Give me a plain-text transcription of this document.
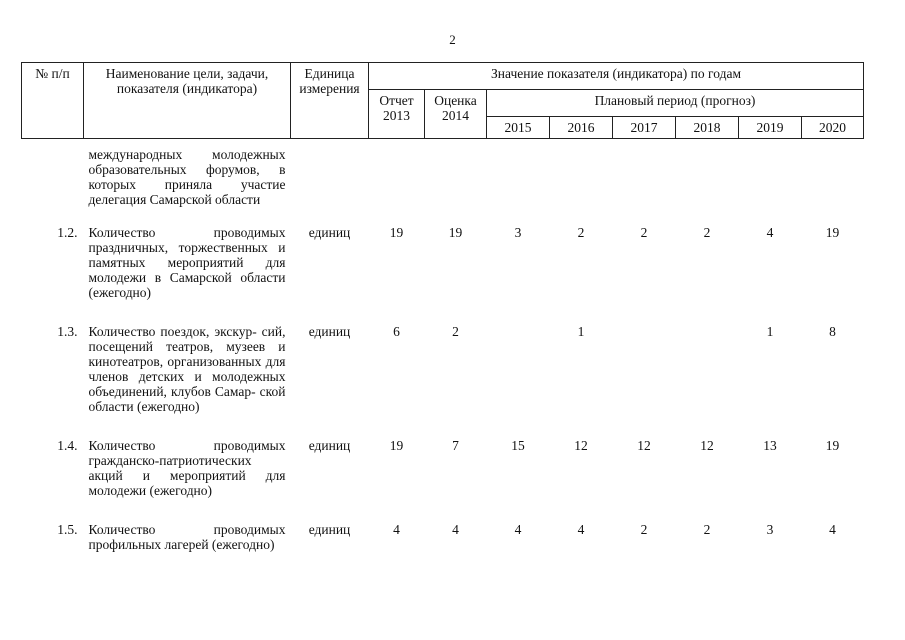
2
№ п/п	Наименование цели, задачи, показателя (индикатора)	Единица измерения	Значение показателя (индикатора) по годам							
			Отчет 2013	Оценка 2014	Плановый период (прогноз)					
					2015	2016	2017	2018	2019	2020
	международных молодежных образовательных форумов, в которых приняла участие делегация Самарской области									
1.2.	Количество проводимых праздничных, торжественных и памятных мероприятий для молодежи в Самарской области (ежегодно)	единиц	19	19	3	2	2	2	4	19
1.3.	Количество поездок, экскур- сий, посещений театров, музеев и кинотеатров, организованных для членов детских и молодежных объединений, клубов Самар- ской области (ежегодно)	единиц	6	2		1			1	8
1.4.	Количество проводимых гражданско-патриотических акций и мероприятий для молодежи (ежегодно)	единиц	19	7	15	12	12	12	13	19
1.5.	Количество проводимых профильных лагерей (ежегодно)	единиц	4	4	4	4	2	2	3	4
